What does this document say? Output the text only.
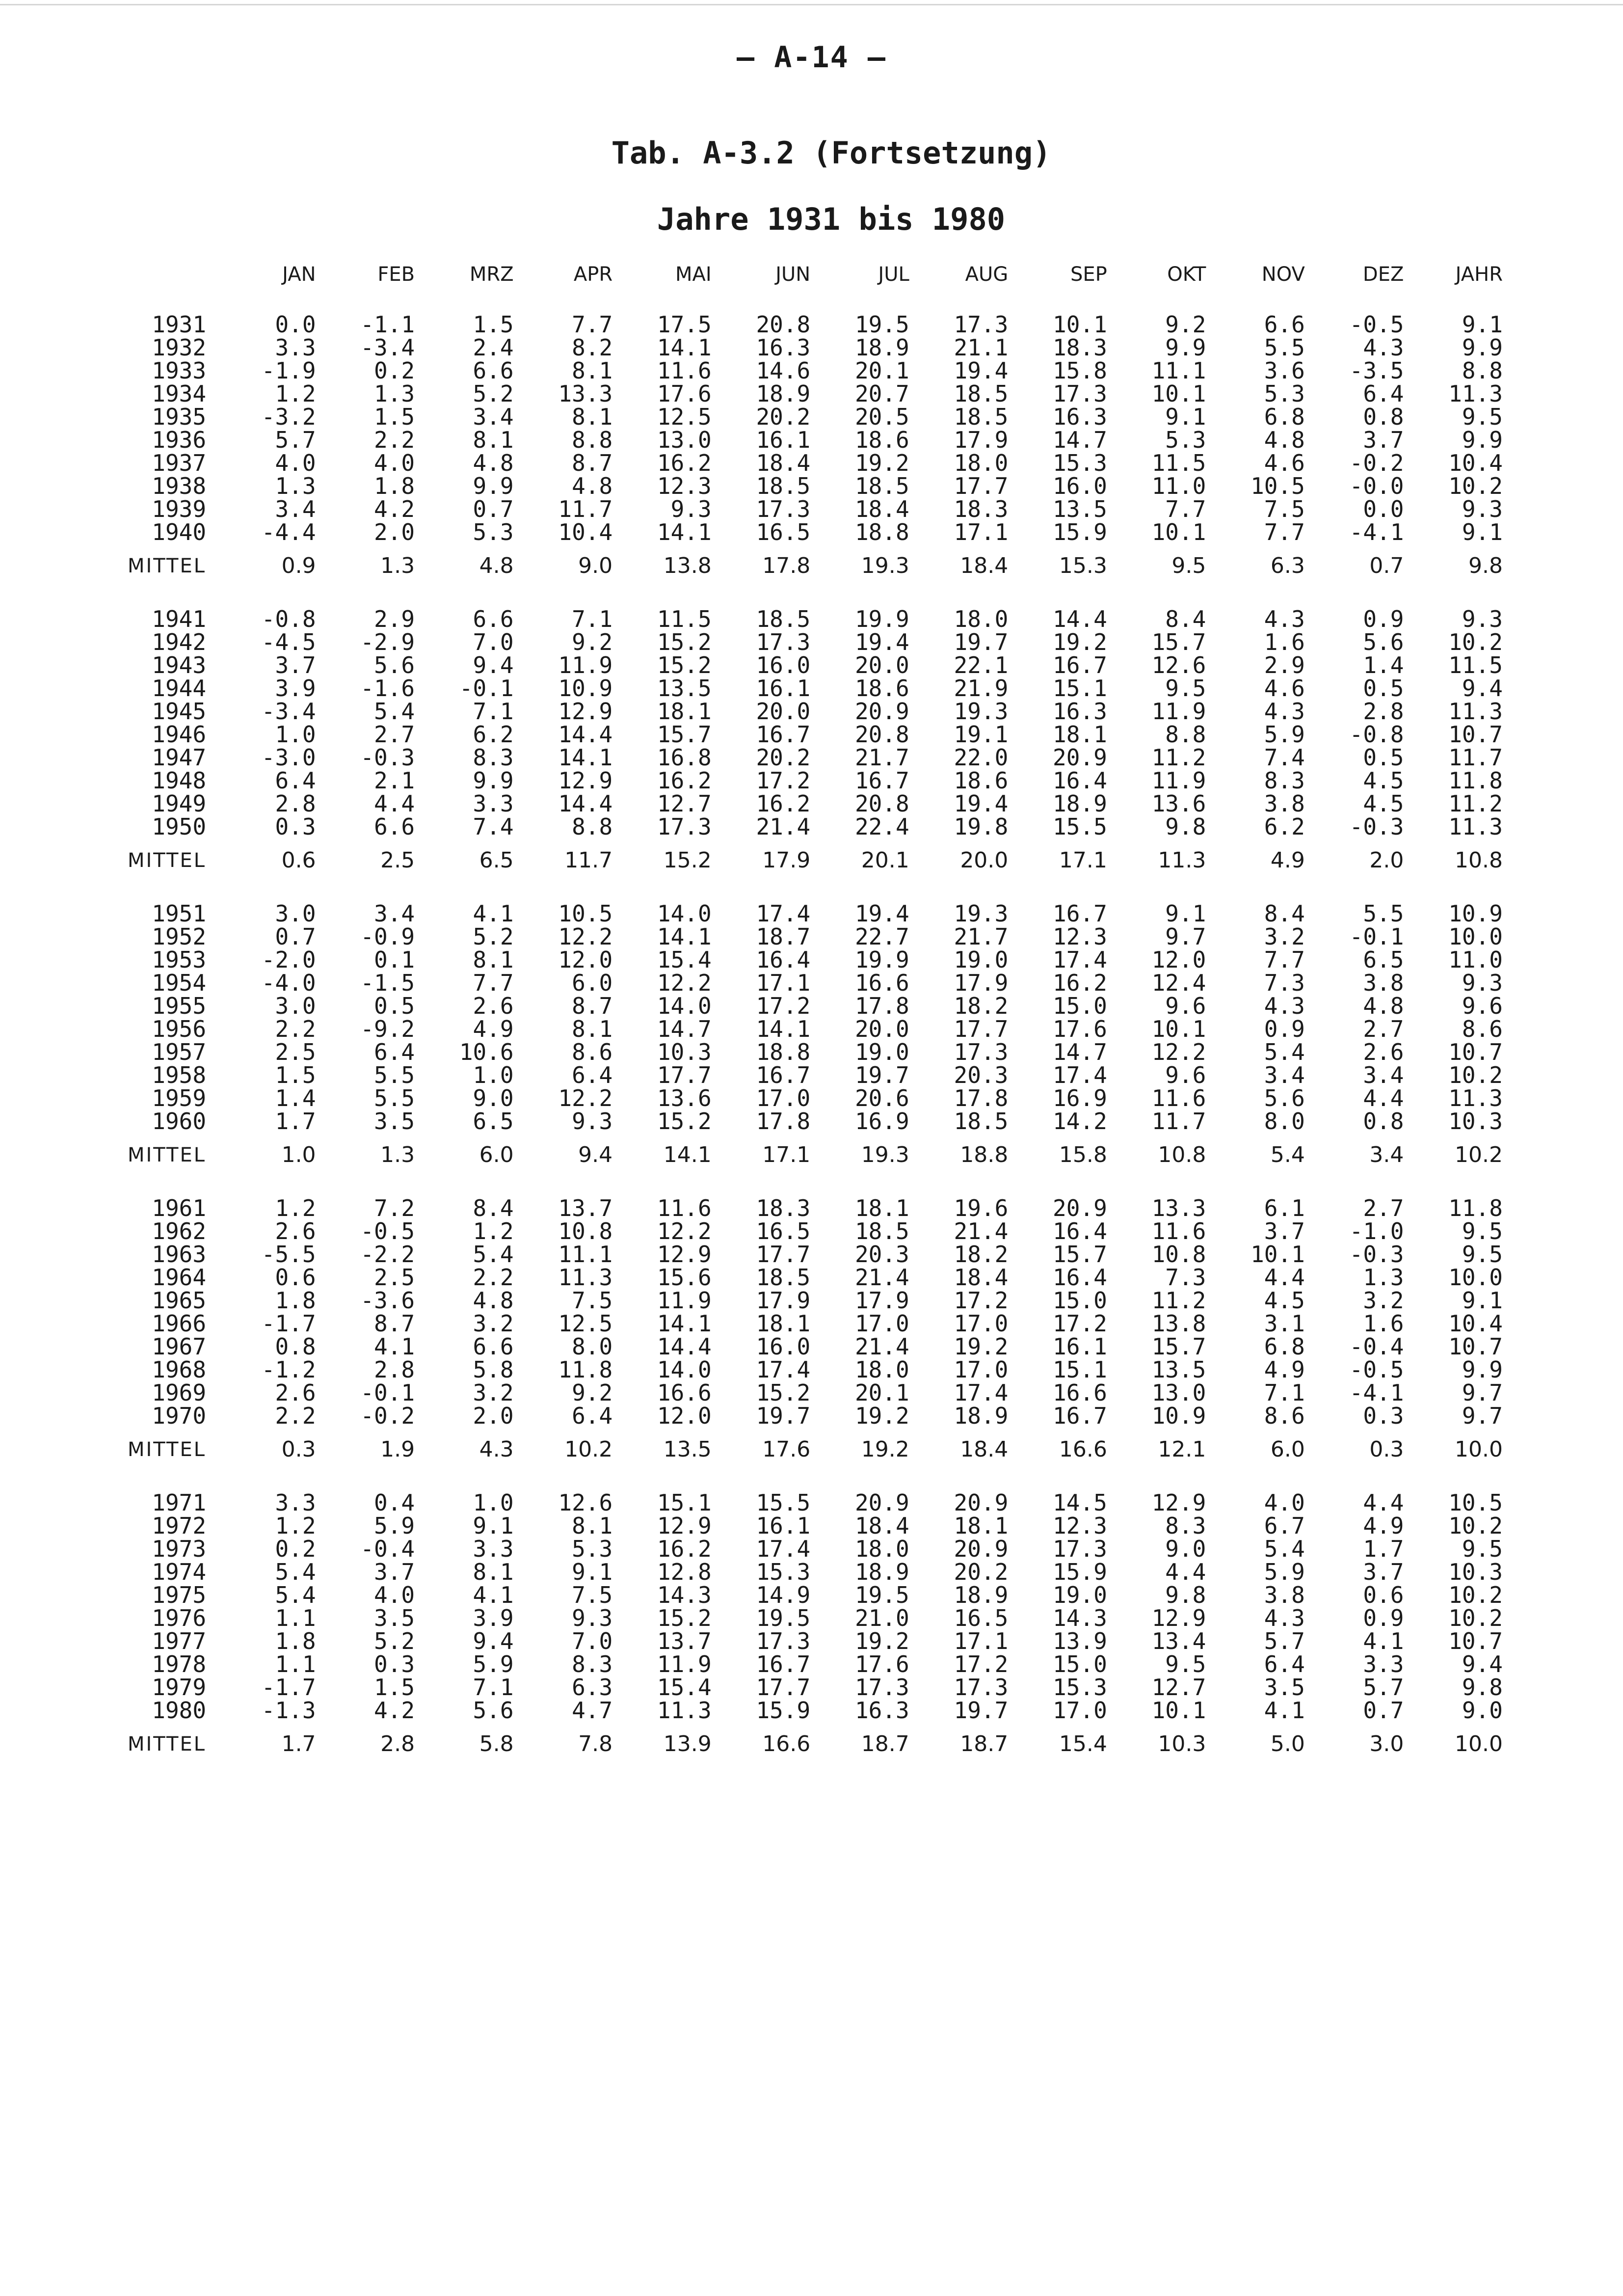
— A-14 —
Tab. A-3.2 (Fortsetzung)
Jahre 1931 bis 1980
	JAN	FEB	MRZ	APR	MAI	JUN	JUL	AUG	SEP	OKT	NOV	DEZ	JAHR

1931	0.0	-1.1	1.5	7.7	17.5	20.8	19.5	17.3	10.1	9.2	6.6	-0.5	9.1
1932	3.3	-3.4	2.4	8.2	14.1	16.3	18.9	21.1	18.3	9.9	5.5	4.3	9.9
1933	-1.9	0.2	6.6	8.1	11.6	14.6	20.1	19.4	15.8	11.1	3.6	-3.5	8.8
1934	1.2	1.3	5.2	13.3	17.6	18.9	20.7	18.5	17.3	10.1	5.3	6.4	11.3
1935	-3.2	1.5	3.4	8.1	12.5	20.2	20.5	18.5	16.3	9.1	6.8	0.8	9.5
1936	5.7	2.2	8.1	8.8	13.0	16.1	18.6	17.9	14.7	5.3	4.8	3.7	9.9
1937	4.0	4.0	4.8	8.7	16.2	18.4	19.2	18.0	15.3	11.5	4.6	-0.2	10.4
1938	1.3	1.8	9.9	4.8	12.3	18.5	18.5	17.7	16.0	11.0	10.5	-0.0	10.2
1939	3.4	4.2	0.7	11.7	9.3	17.3	18.4	18.3	13.5	7.7	7.5	0.0	9.3
1940	-4.4	2.0	5.3	10.4	14.1	16.5	18.8	17.1	15.9	10.1	7.7	-4.1	9.1
MITTEL	0.9	1.3	4.8	9.0	13.8	17.8	19.3	18.4	15.3	9.5	6.3	0.7	9.8

1941	-0.8	2.9	6.6	7.1	11.5	18.5	19.9	18.0	14.4	8.4	4.3	0.9	9.3
1942	-4.5	-2.9	7.0	9.2	15.2	17.3	19.4	19.7	19.2	15.7	1.6	5.6	10.2
1943	3.7	5.6	9.4	11.9	15.2	16.0	20.0	22.1	16.7	12.6	2.9	1.4	11.5
1944	3.9	-1.6	-0.1	10.9	13.5	16.1	18.6	21.9	15.1	9.5	4.6	0.5	9.4
1945	-3.4	5.4	7.1	12.9	18.1	20.0	20.9	19.3	16.3	11.9	4.3	2.8	11.3
1946	1.0	2.7	6.2	14.4	15.7	16.7	20.8	19.1	18.1	8.8	5.9	-0.8	10.7
1947	-3.0	-0.3	8.3	14.1	16.8	20.2	21.7	22.0	20.9	11.2	7.4	0.5	11.7
1948	6.4	2.1	9.9	12.9	16.2	17.2	16.7	18.6	16.4	11.9	8.3	4.5	11.8
1949	2.8	4.4	3.3	14.4	12.7	16.2	20.8	19.4	18.9	13.6	3.8	4.5	11.2
1950	0.3	6.6	7.4	8.8	17.3	21.4	22.4	19.8	15.5	9.8	6.2	-0.3	11.3
MITTEL	0.6	2.5	6.5	11.7	15.2	17.9	20.1	20.0	17.1	11.3	4.9	2.0	10.8

1951	3.0	3.4	4.1	10.5	14.0	17.4	19.4	19.3	16.7	9.1	8.4	5.5	10.9
1952	0.7	-0.9	5.2	12.2	14.1	18.7	22.7	21.7	12.3	9.7	3.2	-0.1	10.0
1953	-2.0	0.1	8.1	12.0	15.4	16.4	19.9	19.0	17.4	12.0	7.7	6.5	11.0
1954	-4.0	-1.5	7.7	6.0	12.2	17.1	16.6	17.9	16.2	12.4	7.3	3.8	9.3
1955	3.0	0.5	2.6	8.7	14.0	17.2	17.8	18.2	15.0	9.6	4.3	4.8	9.6
1956	2.2	-9.2	4.9	8.1	14.7	14.1	20.0	17.7	17.6	10.1	0.9	2.7	8.6
1957	2.5	6.4	10.6	8.6	10.3	18.8	19.0	17.3	14.7	12.2	5.4	2.6	10.7
1958	1.5	5.5	1.0	6.4	17.7	16.7	19.7	20.3	17.4	9.6	3.4	3.4	10.2
1959	1.4	5.5	9.0	12.2	13.6	17.0	20.6	17.8	16.9	11.6	5.6	4.4	11.3
1960	1.7	3.5	6.5	9.3	15.2	17.8	16.9	18.5	14.2	11.7	8.0	0.8	10.3
MITTEL	1.0	1.3	6.0	9.4	14.1	17.1	19.3	18.8	15.8	10.8	5.4	3.4	10.2

1961	1.2	7.2	8.4	13.7	11.6	18.3	18.1	19.6	20.9	13.3	6.1	2.7	11.8
1962	2.6	-0.5	1.2	10.8	12.2	16.5	18.5	21.4	16.4	11.6	3.7	-1.0	9.5
1963	-5.5	-2.2	5.4	11.1	12.9	17.7	20.3	18.2	15.7	10.8	10.1	-0.3	9.5
1964	0.6	2.5	2.2	11.3	15.6	18.5	21.4	18.4	16.4	7.3	4.4	1.3	10.0
1965	1.8	-3.6	4.8	7.5	11.9	17.9	17.9	17.2	15.0	11.2	4.5	3.2	9.1
1966	-1.7	8.7	3.2	12.5	14.1	18.1	17.0	17.0	17.2	13.8	3.1	1.6	10.4
1967	0.8	4.1	6.6	8.0	14.4	16.0	21.4	19.2	16.1	15.7	6.8	-0.4	10.7
1968	-1.2	2.8	5.8	11.8	14.0	17.4	18.0	17.0	15.1	13.5	4.9	-0.5	9.9
1969	2.6	-0.1	3.2	9.2	16.6	15.2	20.1	17.4	16.6	13.0	7.1	-4.1	9.7
1970	2.2	-0.2	2.0	6.4	12.0	19.7	19.2	18.9	16.7	10.9	8.6	0.3	9.7
MITTEL	0.3	1.9	4.3	10.2	13.5	17.6	19.2	18.4	16.6	12.1	6.0	0.3	10.0

1971	3.3	0.4	1.0	12.6	15.1	15.5	20.9	20.9	14.5	12.9	4.0	4.4	10.5
1972	1.2	5.9	9.1	8.1	12.9	16.1	18.4	18.1	12.3	8.3	6.7	4.9	10.2
1973	0.2	-0.4	3.3	5.3	16.2	17.4	18.0	20.9	17.3	9.0	5.4	1.7	9.5
1974	5.4	3.7	8.1	9.1	12.8	15.3	18.9	20.2	15.9	4.4	5.9	3.7	10.3
1975	5.4	4.0	4.1	7.5	14.3	14.9	19.5	18.9	19.0	9.8	3.8	0.6	10.2
1976	1.1	3.5	3.9	9.3	15.2	19.5	21.0	16.5	14.3	12.9	4.3	0.9	10.2
1977	1.8	5.2	9.4	7.0	13.7	17.3	19.2	17.1	13.9	13.4	5.7	4.1	10.7
1978	1.1	0.3	5.9	8.3	11.9	16.7	17.6	17.2	15.0	9.5	6.4	3.3	9.4
1979	-1.7	1.5	7.1	6.3	15.4	17.7	17.3	17.3	15.3	12.7	3.5	5.7	9.8
1980	-1.3	4.2	5.6	4.7	11.3	15.9	16.3	19.7	17.0	10.1	4.1	0.7	9.0
MITTEL	1.7	2.8	5.8	7.8	13.9	16.6	18.7	18.7	15.4	10.3	5.0	3.0	10.0
